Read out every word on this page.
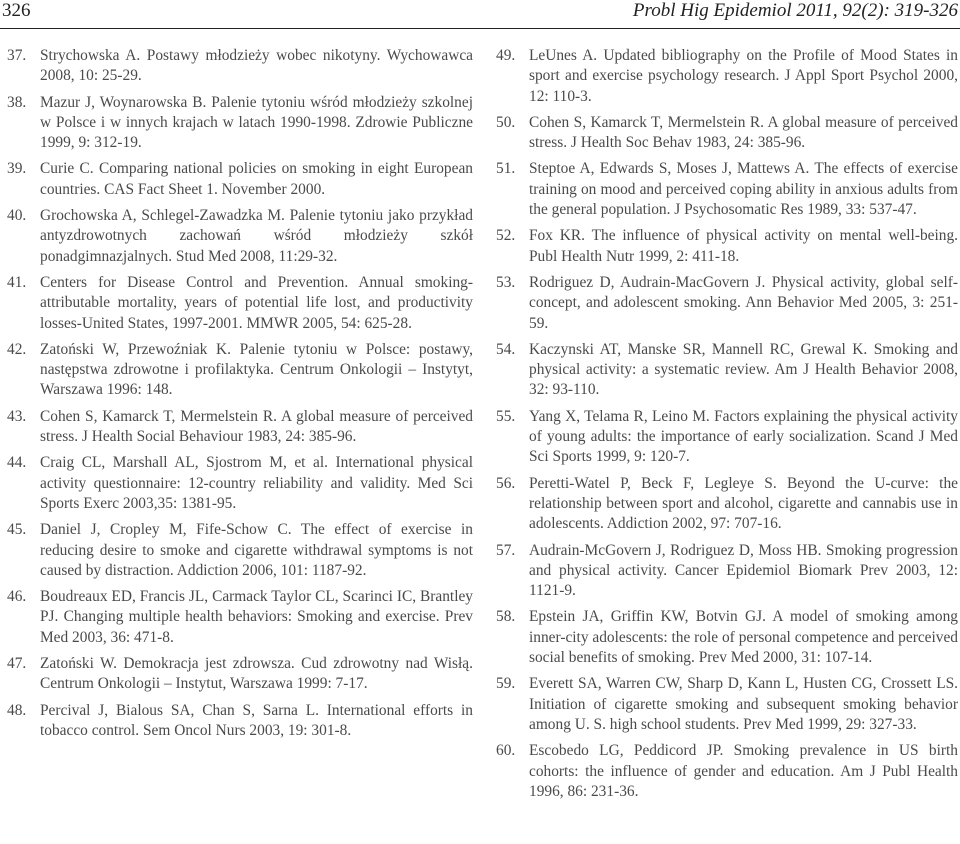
326	Probl Hig Epidemiol 2011, 92(2): 319-326
37. Strychowska A. Postawy młodzieży wobec nikotyny. Wychowawca 2008, 10: 25-29.
38. Mazur J, Woynarowska B. Palenie tytoniu wśród młodzieży szkolnej w Polsce i w innych krajach w latach 1990-1998. Zdrowie Publiczne 1999, 9: 312-19.
39. Curie C. Comparing national policies on smoking in eight European countries. CAS Fact Sheet 1. November 2000.
40. Grochowska A, Schlegel-Zawadzka M. Palenie tytoniu jako przykład antyzdrowotnych zachowań wśród młodzieży szkół ponadgimnazjalnych. Stud Med 2008, 11:29-32.
41. Centers for Disease Control and Prevention. Annual smoking-attributable mortality, years of potential life lost, and productivity losses-United States, 1997-2001. MMWR 2005, 54: 625-28.
42. Zatoński W, Przewoźniak K. Palenie tytoniu w Polsce: postawy, następstwa zdrowotne i profilaktyka. Centrum Onkologii – Instytyt, Warszawa 1996: 148.
43. Cohen S, Kamarck T, Mermelstein R. A global measure of perceived stress. J Health Social Behaviour 1983, 24: 385-96.
44. Craig CL, Marshall AL, Sjostrom M, et al. International physical activity questionnaire: 12-country reliability and validity. Med Sci Sports Exerc 2003,35: 1381-95.
45. Daniel J, Cropley M, Fife-Schow C. The effect of exercise in reducing desire to smoke and cigarette withdrawal symptoms is not caused by distraction. Addiction 2006, 101: 1187-92.
46. Boudreaux ED, Francis JL, Carmack Taylor CL, Scarinci IC, Brantley PJ. Changing multiple health behaviors: Smoking and exercise. Prev Med 2003, 36: 471-8.
47. Zatoński W. Demokracja jest zdrowsza. Cud zdrowotny nad Wisłą. Centrum Onkologii – Instytut, Warszawa 1999: 7-17.
48. Percival J, Bialous SA, Chan S, Sarna L. International efforts in tobacco control. Sem Oncol Nurs 2003, 19: 301-8.
49. LeUnes A. Updated bibliography on the Profile of Mood States in sport and exercise psychology research. J Appl Sport Psychol 2000, 12: 110-3.
50. Cohen S, Kamarck T, Mermelstein R. A global measure of perceived stress. J Health Soc Behav 1983, 24: 385-96.
51. Steptoe A, Edwards S, Moses J, Mattews A. The effects of exercise training on mood and perceived coping ability in anxious adults from the general population. J Psychosomatic Res 1989, 33: 537-47.
52. Fox KR. The influence of physical activity on mental well-being. Publ Health Nutr 1999, 2: 411-18.
53. Rodriguez D, Audrain-MacGovern J. Physical activity, global self-concept, and adolescent smoking. Ann Behavior Med 2005, 3: 251-59.
54. Kaczynski AT, Manske SR, Mannell RC, Grewal K. Smoking and physical activity: a systematic review. Am J Health Behavior 2008, 32: 93-110.
55. Yang X, Telama R, Leino M. Factors explaining the physical activity of young adults: the importance of early socialization. Scand J Med Sci Sports 1999, 9: 120-7.
56. Peretti-Watel P, Beck F, Legleye S. Beyond the U-curve: the relationship between sport and alcohol, cigarette and cannabis use in adolescents. Addiction 2002, 97: 707-16.
57. Audrain-McGovern J, Rodriguez D, Moss HB. Smoking progression and physical activity. Cancer Epidemiol Biomark Prev 2003, 12: 1121-9.
58. Epstein JA, Griffin KW, Botvin GJ. A model of smoking among inner-city adolescents: the role of personal competence and perceived social benefits of smoking. Prev Med 2000, 31: 107-14.
59. Everett SA, Warren CW, Sharp D, Kann L, Husten CG, Crossett LS. Initiation of cigarette smoking and subsequent smoking behavior among U. S. high school students. Prev Med 1999, 29: 327-33.
60. Escobedo LG, Peddicord JP. Smoking prevalence in US birth cohorts: the influence of gender and education. Am J Publ Health 1996, 86: 231-36.
